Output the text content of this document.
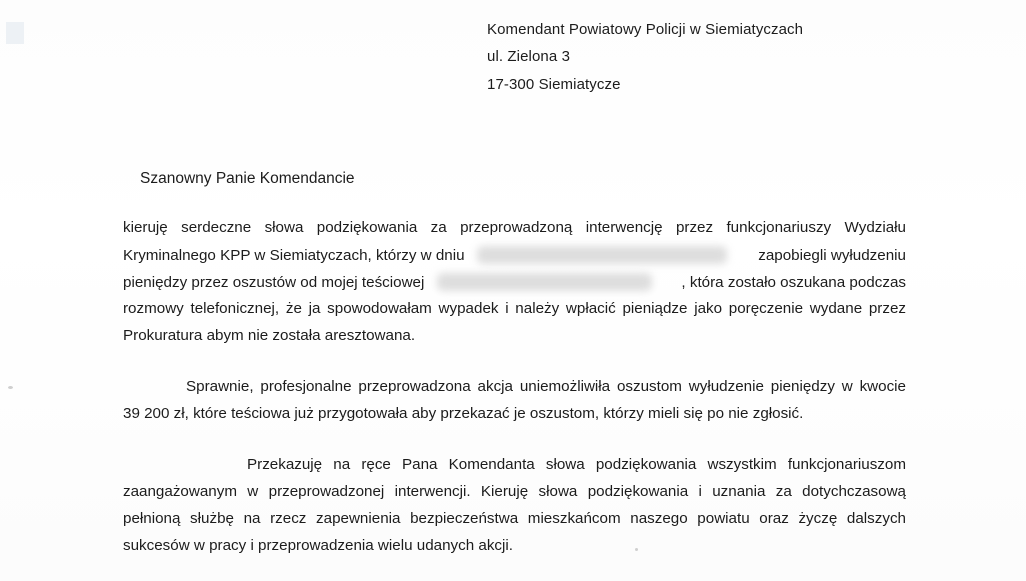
Komendant Powiatowy Policji w Siemiatyczach
ul. Zielona 3
17-300 Siemiatycze
Szanowny Panie Komendancie
kieruję serdeczne słowa podziękowania za przeprowadzoną interwencję przez funkcjonariuszy Wydziału
Kryminalnego KPP w Siemiatyczach, którzy w dniu	zapobiegli wyłudzeniu
pieniędzy przez oszustów od mojej teściowej	, która zostało oszukana podczas
rozmowy telefonicznej, że ja spowodowałam wypadek i należy wpłacić pieniądze jako poręczenie wydane przez
Prokuratura abym nie została aresztowana.
Sprawnie, profesjonalne przeprowadzona akcja uniemożliwiła oszustom wyłudzenie pieniędzy w kwocie
39 200 zł, które teściowa już przygotowała aby przekazać je oszustom, którzy mieli się po nie zgłosić.
Przekazuję na ręce Pana Komendanta słowa podziękowania wszystkim funkcjonariuszom
zaangażowanym w przeprowadzonej interwencji. Kieruję słowa podziękowania i uznania za dotychczasową
pełnioną służbę na rzecz zapewnienia bezpieczeństwa mieszkańcom naszego powiatu oraz życzę dalszych
sukcesów w pracy i przeprowadzenia wielu udanych akcji.
